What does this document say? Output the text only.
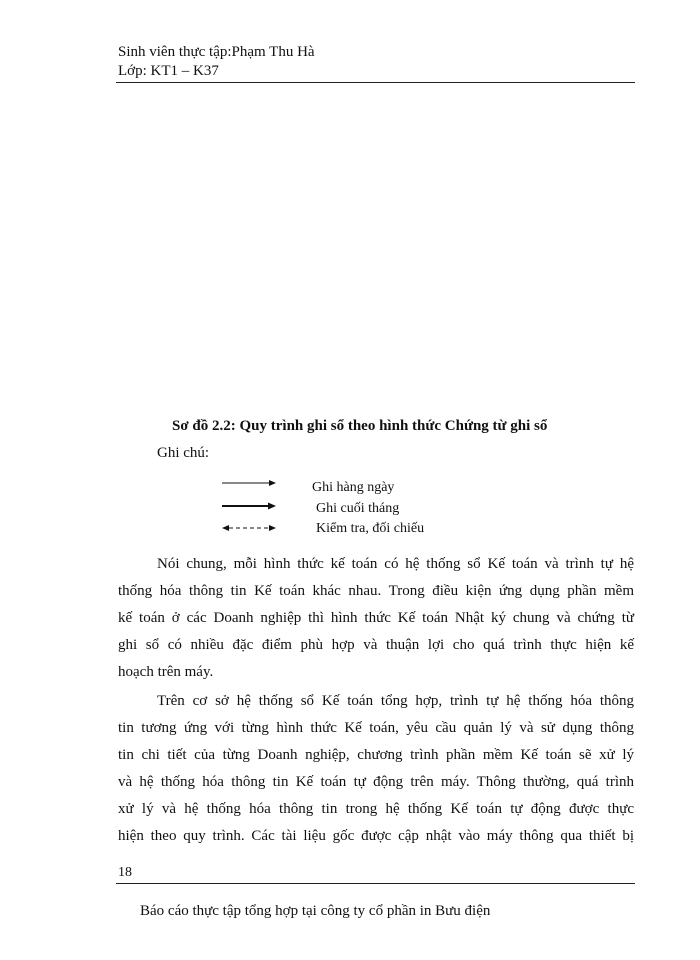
Sinh viên thực tập:Phạm Thu Hà
Lớp: KT1 – K37
Sơ đồ 2.2: Quy trình ghi sổ theo hình thức Chứng từ ghi sổ
Ghi chú:
Ghi hàng ngày
Ghi cuối tháng
Kiểm tra, đối chiếu
Nói chung, mỗi hình thức kế toán có hệ thống sổ Kế toán và trình tự hệ
thống hóa thông tin Kế toán khác nhau. Trong điều kiện ứng dụng phần mềm
kế toán ở các Doanh nghiệp thì hình thức Kế toán Nhật ký chung và chứng từ
ghi sổ có nhiều đặc điểm phù hợp và thuận lợi cho quá trình thực hiện kế
hoạch trên máy.
Trên cơ sở hệ thống sổ Kế toán tổng hợp, trình tự hệ thống hóa thông
tin tương ứng với từng hình thức Kế toán, yêu cầu quản lý và sử dụng thông
tin chi tiết của từng Doanh nghiệp, chương trình phần mềm Kế toán sẽ xử lý
và hệ thống hóa thông tin Kế toán tự động trên máy. Thông thường, quá trình
xử lý và hệ thống hóa thông tin trong hệ thống Kế toán tự động được thực
hiện theo quy trình. Các tài liệu gốc được cập nhật vào máy thông qua thiết bị
18
Báo cáo thực tập tổng hợp tại công ty cổ phần in Bưu điện
